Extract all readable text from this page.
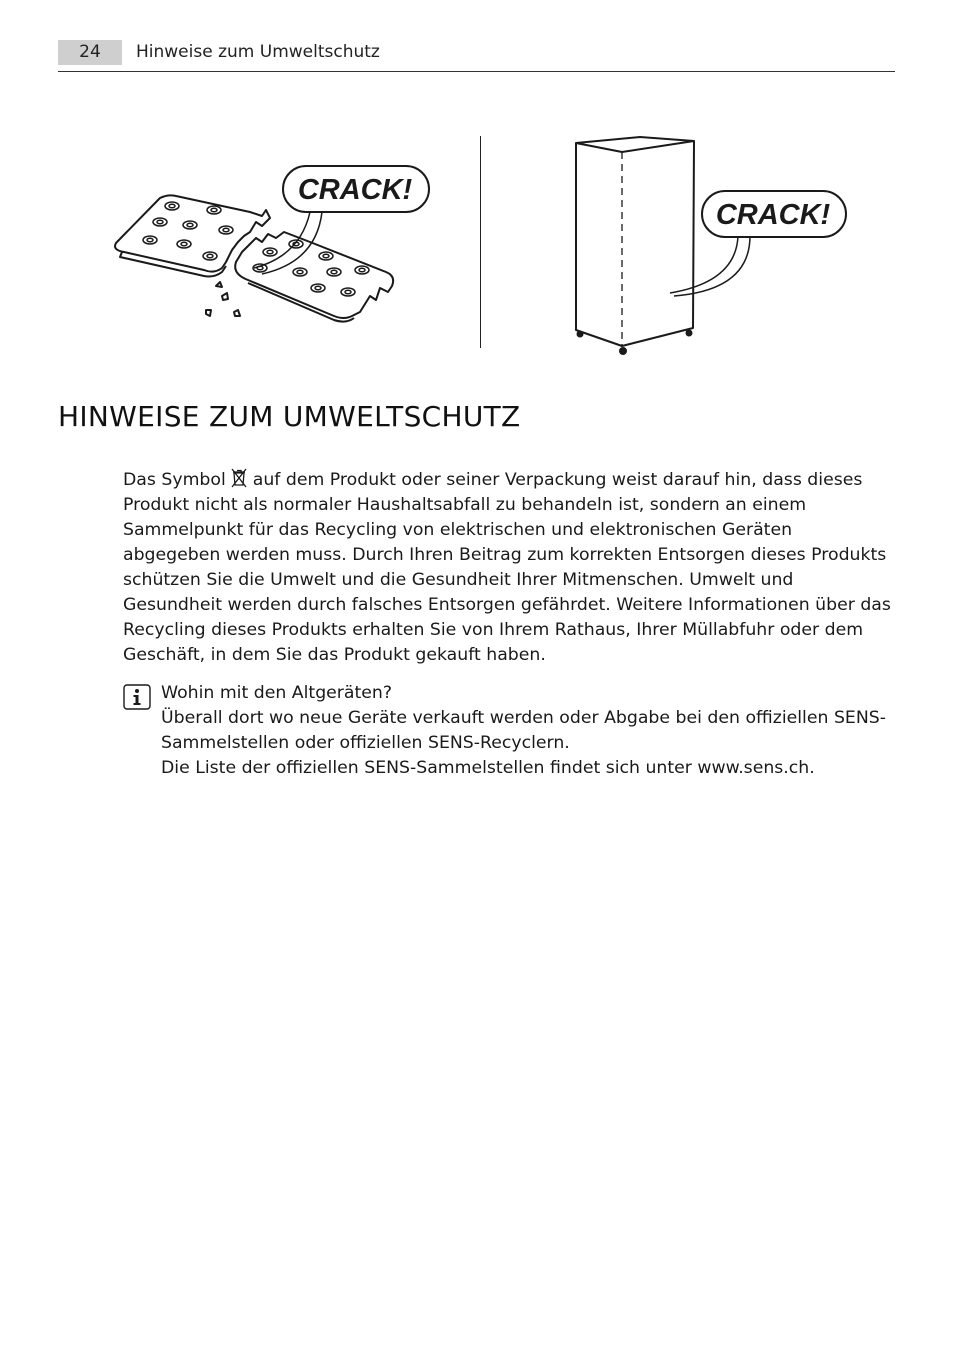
24	Hinweise zum Umweltschutz
CRACK!
CRACK!
HINWEISE ZUM UMWELTSCHUTZ

Das Symbol  auf dem Produkt oder seiner Verpackung weist darauf hin, dass dieses Produkt nicht als normaler Haushaltsabfall zu behandeln ist, sondern an einem Sammelpunkt für das Recycling von elektrischen und elektronischen Geräten abgegeben werden muss. Durch Ihren Beitrag zum korrekten Entsorgen dieses Produkts schützen Sie die Umwelt und die Gesundheit Ihrer Mitmenschen. Umwelt und Gesundheit werden durch falsches Entsorgen gefährdet. Weitere Informationen über das Recycling dieses Produkts erhalten Sie von Ihrem Rathaus, Ihrer Müllabfuhr oder dem Geschäft, in dem Sie das Produkt gekauft haben.

Wohin mit den Altgeräten?
Überall dort wo neue Geräte verkauft werden oder Abgabe bei den offiziellen SENS-Sammelstellen oder offiziellen SENS-Recyclern.
Die Liste der offiziellen SENS-Sammelstellen findet sich unter www.sens.ch.
